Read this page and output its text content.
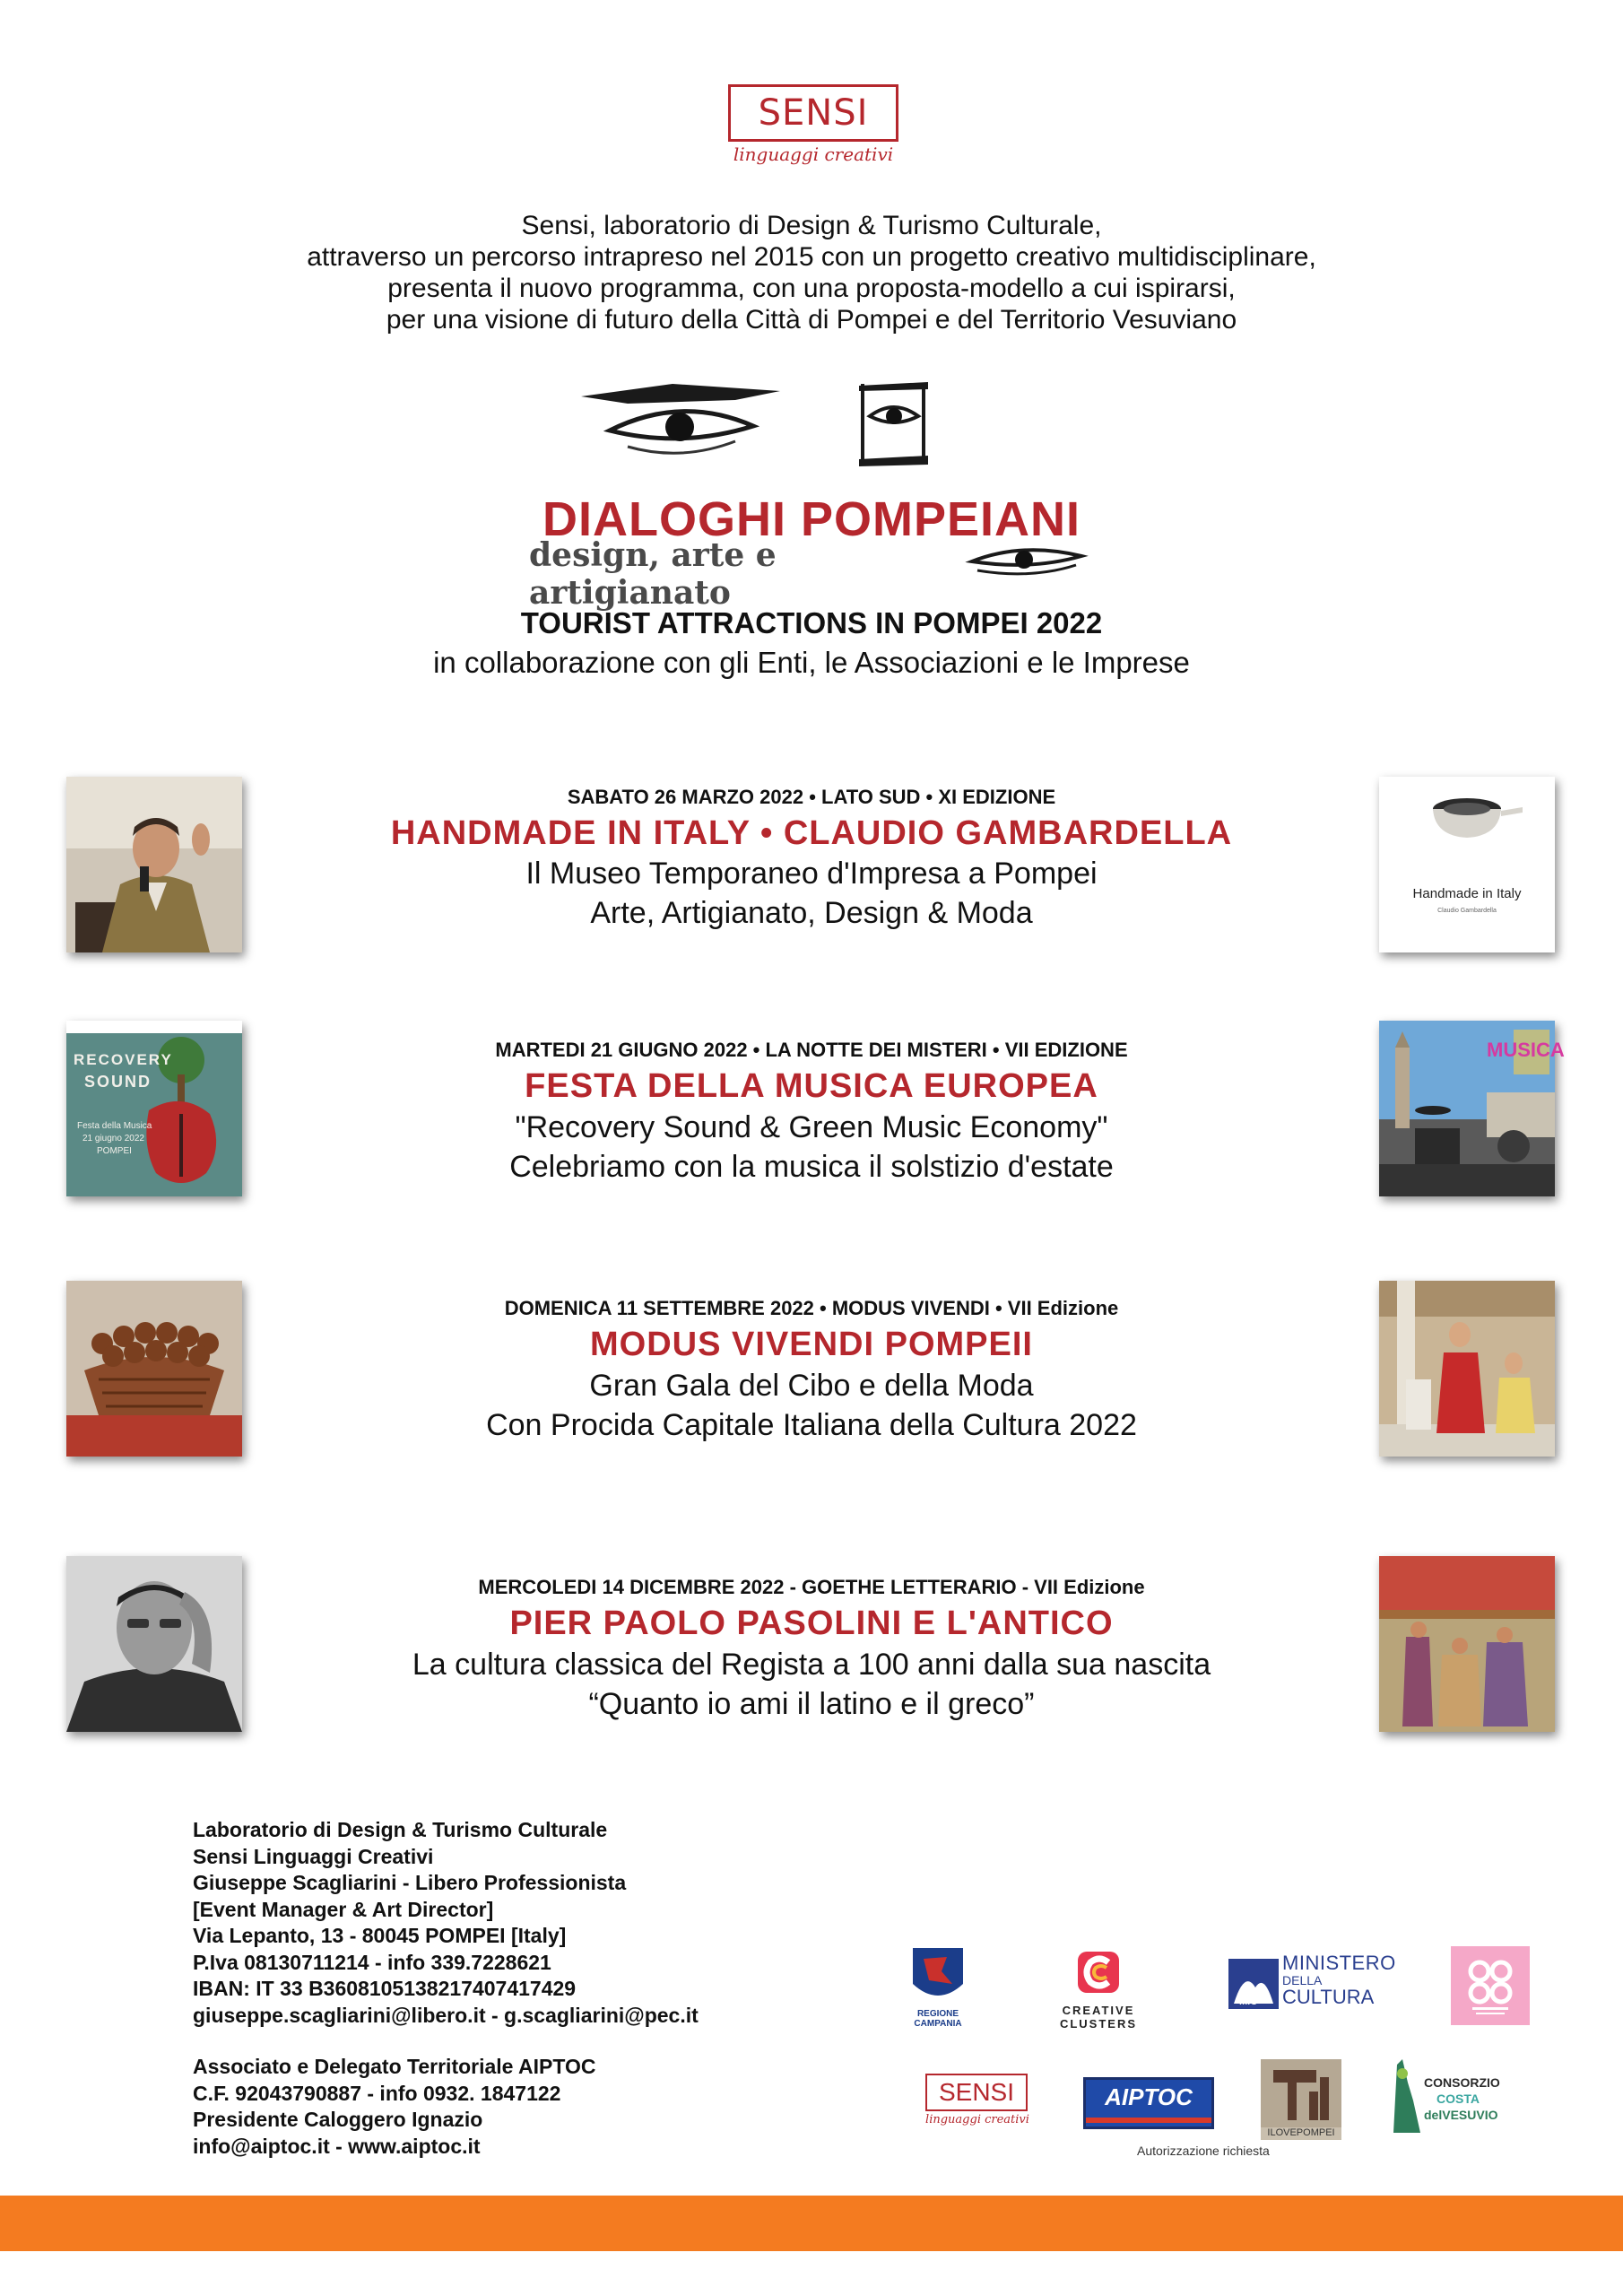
SENSI
linguaggi creativi
Sensi, laboratorio di Design & Turismo Culturale,
attraverso un percorso intrapreso nel 2015 con un progetto creativo multidisciplinare,
presenta il nuovo programma, con una proposta-modello a cui ispirarsi,
per una visione di futuro della Città di Pompei e del Territorio Vesuviano
DIALOGHI POMPEIANI
design, arte e artigianato
TOURIST ATTRACTIONS IN POMPEI 2022
in collaborazione con gli Enti, le Associazioni e le Imprese
SABATO 26 MARZO 2022 • LATO SUD • XI EDIZIONE
HANDMADE IN ITALY • CLAUDIO GAMBARDELLA
Il Museo Temporaneo d'Impresa a Pompei
Arte, Artigianato, Design & Moda
Handmade in Italy
Claudio Gambardella
RECOVERY
SOUND
Festa della Musica
21 giugno 2022
POMPEI
MARTEDI 21 GIUGNO 2022 • LA NOTTE DEI MISTERI • VII EDIZIONE
FESTA DELLA MUSICA EUROPEA
"Recovery Sound & Green Music Economy"
Celebriamo con la musica il solstizio d'estate
MUSICA
DOMENICA 11 SETTEMBRE 2022 • MODUS VIVENDI • VII Edizione
MODUS VIVENDI POMPEII
Gran Gala del Cibo e della Moda
Con Procida Capitale Italiana della Cultura 2022
MERCOLEDI 14 DICEMBRE 2022 - GOETHE LETTERARIO - VII Edizione
PIER PAOLO PASOLINI E L'ANTICO
La cultura classica del Regista a 100 anni dalla sua nascita
“Quanto io ami il latino e il greco”
Laboratorio di Design & Turismo Culturale
Sensi Linguaggi Creativi
Giuseppe Scagliarini - Libero Professionista
[Event Manager & Art Director]
Via Lepanto, 13 - 80045 POMPEI [Italy]
P.Iva 08130711214 - info 339.7228621
IBAN: IT 33 B3608105138217407417429
giuseppe.scagliarini@libero.it - g.scagliarini@pec.it
Associato e Delegato Territoriale AIPTOC
C.F. 92043790887 - info 0932. 1847122
Presidente Caloggero Ignazio
info@aiptoc.it - www.aiptoc.it
REGIONE CAMPANIA
CREATIVE CLUSTERS
MiC
MINISTERO
DELLA
CULTURA
SENSI
linguaggi creativi
AIPTOC
ILOVEPOMPEI
CONSORZIO
COSTA
delVESUVIO
Autorizzazione richiesta
